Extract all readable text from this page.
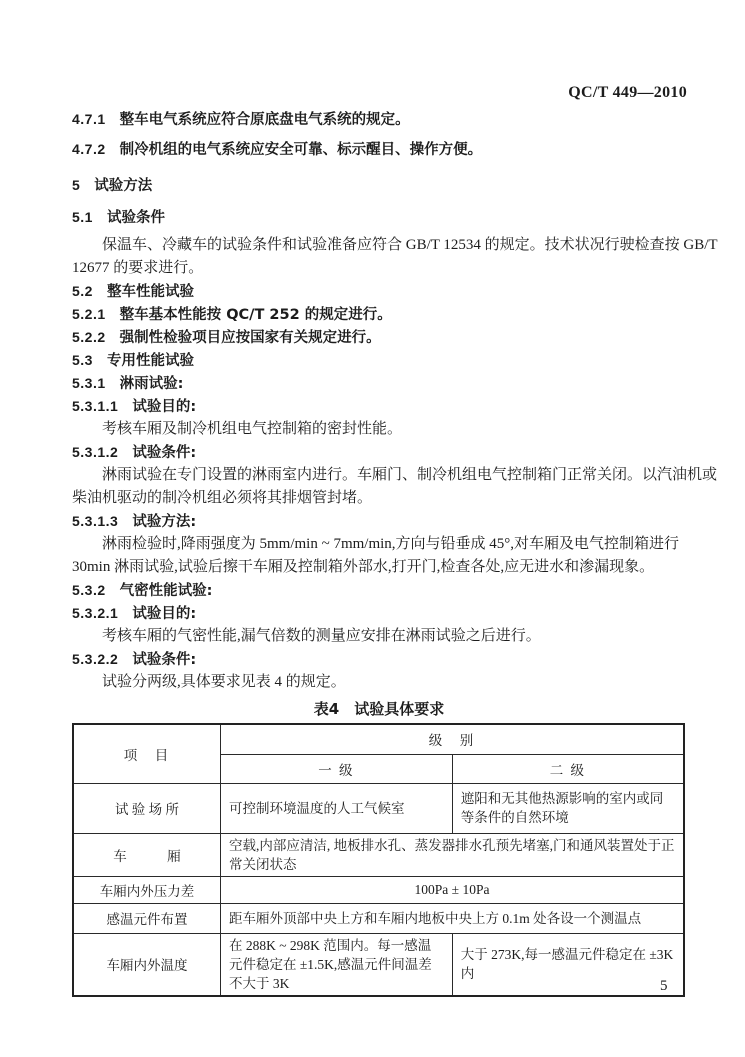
QC/T 449—2010
4.7.1 整车电气系统应符合原底盘电气系统的规定。
4.7.2 制冷机组的电气系统应安全可靠、标示醒目、操作方便。
5 试验方法
5.1 试验条件
保温车、冷藏车的试验条件和试验准备应符合 GB/T 12534 的规定。技术状况行驶检查按 GB/T
12677 的要求进行。
5.2 整车性能试验
5.2.1 整车基本性能按 QC/T 252 的规定进行。
5.2.2 强制性检验项目应按国家有关规定进行。
5.3 专用性能试验
5.3.1 淋雨试验:
5.3.1.1 试验目的:
考核车厢及制冷机组电气控制箱的密封性能。
5.3.1.2 试验条件:
淋雨试验在专门设置的淋雨室内进行。车厢门、制冷机组电气控制箱门正常关闭。以汽油机或
柴油机驱动的制冷机组必须将其排烟管封堵。
5.3.1.3 试验方法:
淋雨检验时,降雨强度为 5mm/min ~ 7mm/min,方向与铅垂成 45°,对车厢及电气控制箱进行
30min 淋雨试验,试验后擦干车厢及控制箱外部水,打开门,检查各处,应无进水和渗漏现象。
5.3.2 气密性能试验:
5.3.2.1 试验目的:
考核车厢的气密性能,漏气倍数的测量应安排在淋雨试验之后进行。
5.3.2.2 试验条件:
试验分两级,具体要求见表 4 的规定。
表4　试验具体要求
项　目	级　别	
	一 级	二 级
试 验 场 所	可控制环境温度的人工气候室	遮阳和无其他热源影响的室内或同等条件的自然环境
车　　　厢	空载,内部应清洁, 地板排水孔、蒸发器排水孔预先堵塞,门和通风装置处于正常关闭状态	
车厢内外压力差	100Pa ± 10Pa	
感温元件布置	距车厢外顶部中央上方和车厢内地板中央上方 0.1m 处各设一个测温点	
车厢内外温度	在 288K ~ 298K 范围内。每一感温元件稳定在 ±1.5K,感温元件间温差不大于 3K	大于 273K,每一感温元件稳定在 ±3K 内
5
